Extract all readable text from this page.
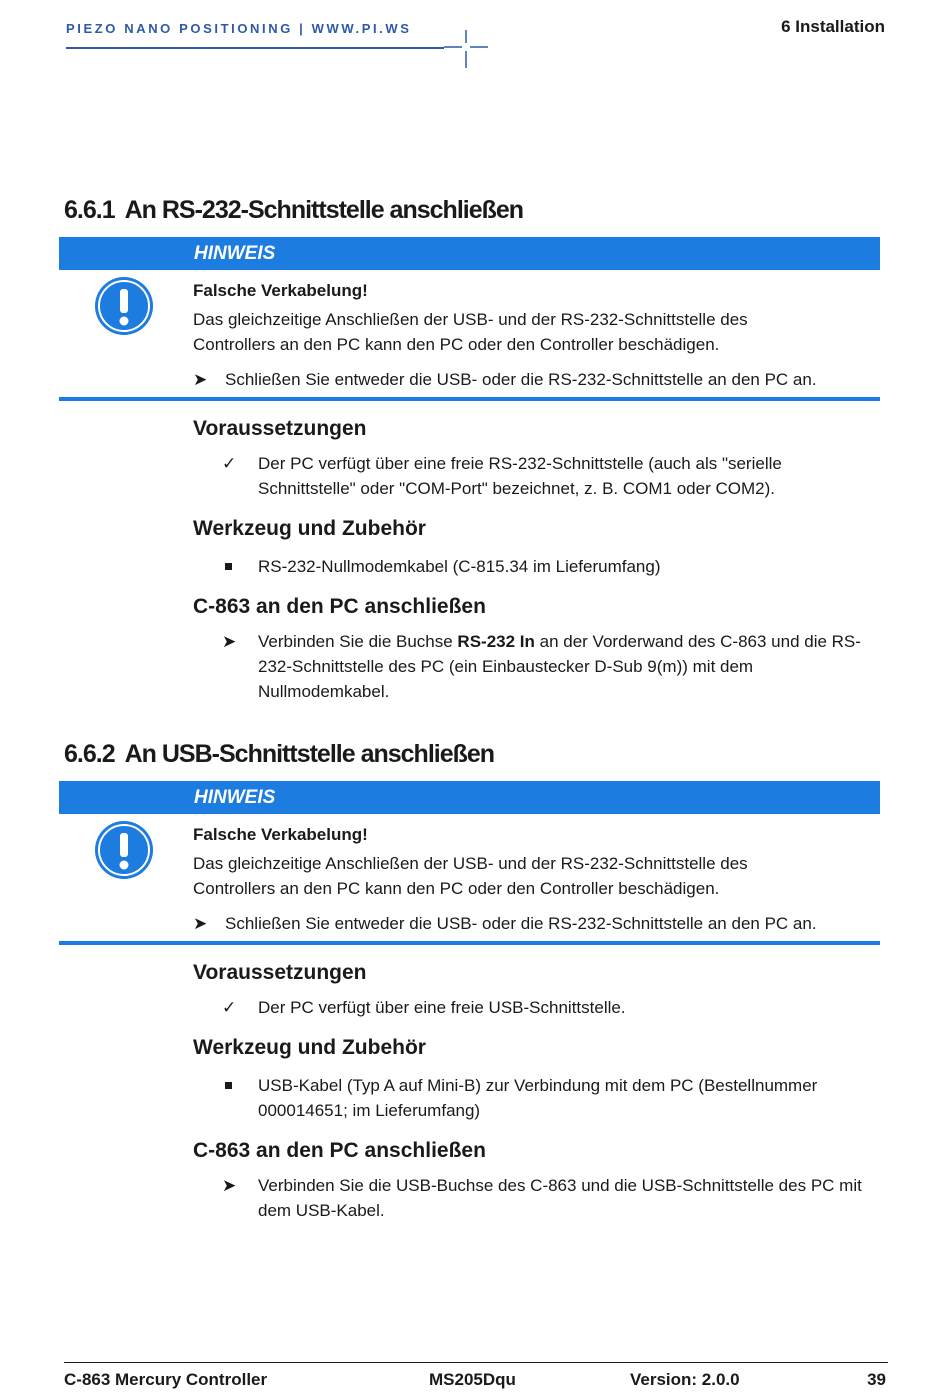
PIEZO NANO POSITIONING | WWW.PI.WS	6 Installation
6.6.1 An RS-232-Schnittstelle anschließen
HINWEIS
Falsche Verkabelung!
Das gleichzeitige Anschließen der USB- und der RS-232-Schnittstelle des Controllers an den PC kann den PC oder den Controller beschädigen.
➤ Schließen Sie entweder die USB- oder die RS-232-Schnittstelle an den PC an.
Voraussetzungen
✓	Der PC verfügt über eine freie RS-232-Schnittstelle (auch als "serielle Schnittstelle" oder "COM-Port" bezeichnet, z. B. COM1 oder COM2).
Werkzeug und Zubehör
RS-232-Nullmodemkabel (C-815.34 im Lieferumfang)
C-863 an den PC anschließen
➤	Verbinden Sie die Buchse RS-232 In an der Vorderwand des C-863 und die RS-232-Schnittstelle des PC (ein Einbaustecker D-Sub 9(m)) mit dem Nullmodemkabel.
6.6.2 An USB-Schnittstelle anschließen
HINWEIS
Falsche Verkabelung!
Das gleichzeitige Anschließen der USB- und der RS-232-Schnittstelle des Controllers an den PC kann den PC oder den Controller beschädigen.
➤ Schließen Sie entweder die USB- oder die RS-232-Schnittstelle an den PC an.
Voraussetzungen
✓	Der PC verfügt über eine freie USB-Schnittstelle.
Werkzeug und Zubehör
USB-Kabel (Typ A auf Mini-B) zur Verbindung mit dem PC (Bestellnummer 000014651; im Lieferumfang)
C-863 an den PC anschließen
➤	Verbinden Sie die USB-Buchse des C-863 und die USB-Schnittstelle des PC mit dem USB-Kabel.
C-863 Mercury Controller	MS205Dqu	Version: 2.0.0	39
